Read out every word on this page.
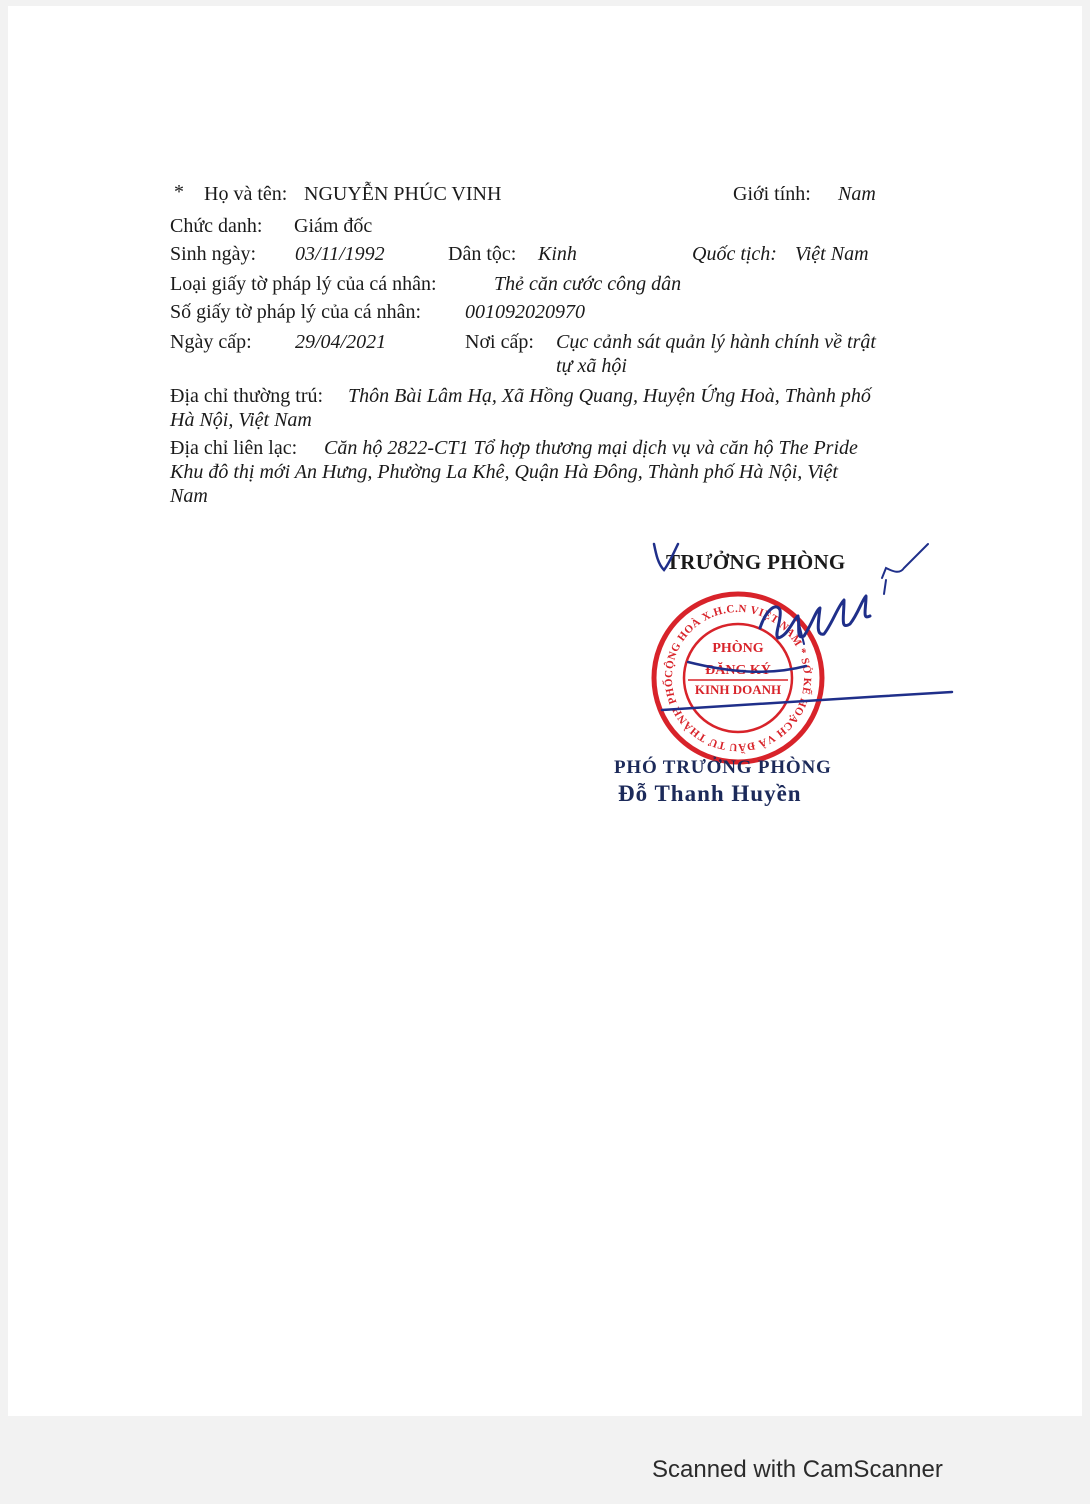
* Họ và tên: NGUYỄN PHÚC VINH	Giới tính: Nam
Chức danh: Giám đốc
Sinh ngày: 03/11/1992	Dân tộc: Kinh	Quốc tịch: Việt Nam
Loại giấy tờ pháp lý của cá nhân:	Thẻ căn cước công dân
Số giấy tờ pháp lý của cá nhân: 001092020970
Ngày cấp: 29/04/2021	Nơi cấp: Cục cảnh sát quản lý hành chính về trật
tự xã hội
Địa chỉ thường trú: Thôn Bài Lâm Hạ, Xã Hồng Quang, Huyện Ứng Hoà, Thành phố
Hà Nội, Việt Nam
Địa chỉ liên lạc: Căn hộ 2822-CT1 Tổ hợp thương mại dịch vụ và căn hộ The Pride
Khu đô thị mới An Hưng, Phường La Khê, Quận Hà Đông, Thành phố Hà Nội, Việt
Nam
TRƯỞNG PHÒNG
CỘNG HOÀ X.H.C.N VIỆT NAM * SỞ KẾ HOẠCH VÀ ĐẦU TƯ THÀNH PHỐ
PHÒNG
ĐĂNG KÝ
KINH DOANH
PHÓ TRƯỞNG PHÒNG
Đỗ Thanh Huyền
Scanned with CamScanner
